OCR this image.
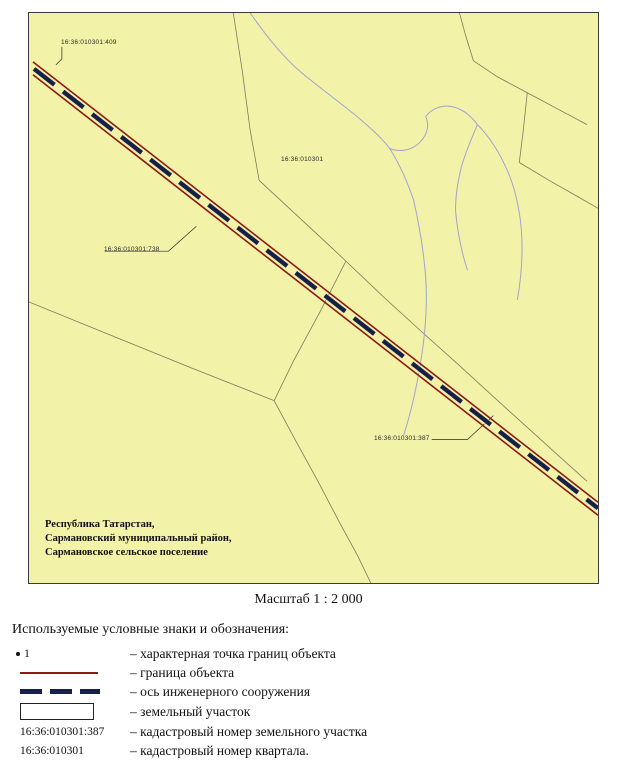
16:36:010301:409
16:36:010301
16:36:010301:738
16:36:010301:387
Республика Татарстан,
Сармановский муниципальный район,
Сармановское сельское поселение
Масштаб 1 : 2 000
Используемые условные знаки и обозначения:
1	– характерная точка границ объекта
– граница объекта
– ось инженерного сооружения
– земельный участок
16:36:010301:387 – кадастровый номер земельного участка
16:36:010301	– кадастровый номер квартала.
